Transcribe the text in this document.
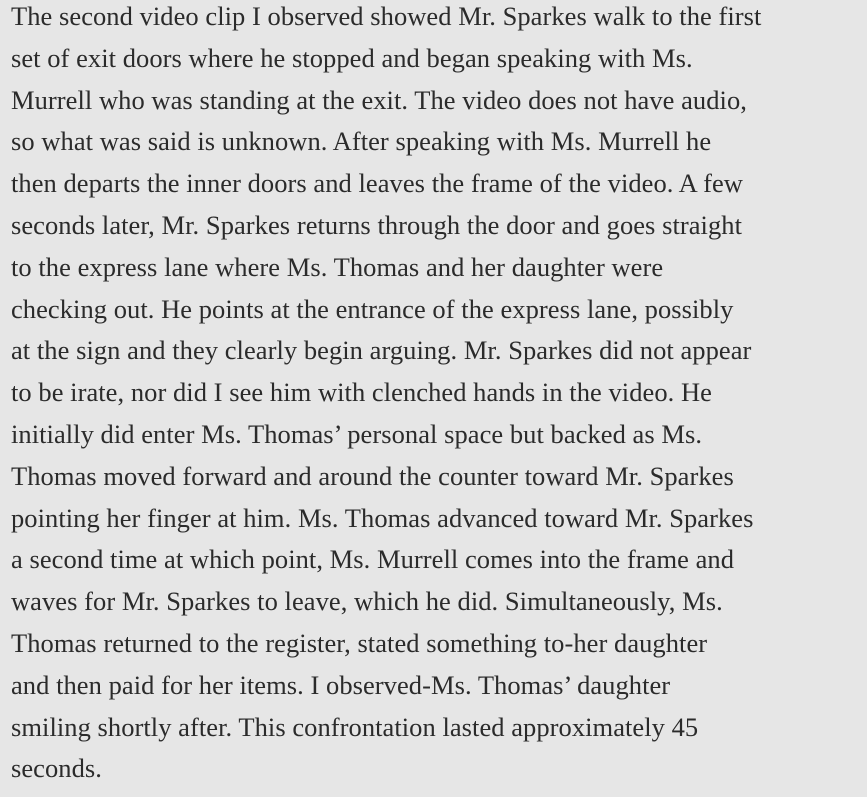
The second video clip I observed showed Mr. Sparkes walk to the first
set of exit doors where he stopped and began speaking with Ms.
Murrell who was standing at the exit. The video does not have audio,
so what was said is unknown. After speaking with Ms. Murrell he
then departs the inner doors and leaves the frame of the video. A few
seconds later, Mr. Sparkes returns through the door and goes straight
to the express lane where Ms. Thomas and her daughter were
checking out. He points at the entrance of the express lane, possibly
at the sign and they clearly begin arguing. Mr. Sparkes did not appear
to be irate, nor did I see him with clenched hands in the video. He
initially did enter Ms. Thomas’ personal space but backed as Ms.
Thomas moved forward and around the counter toward Mr. Sparkes
pointing her finger at him. Ms. Thomas advanced toward Mr. Sparkes
a second time at which point, Ms. Murrell comes into the frame and
waves for Mr. Sparkes to leave, which he did. Simultaneously, Ms.
Thomas returned to the register, stated something to-her daughter
and then paid for her items. I observed-Ms. Thomas’ daughter
smiling shortly after. This confrontation lasted approximately 45
seconds.
